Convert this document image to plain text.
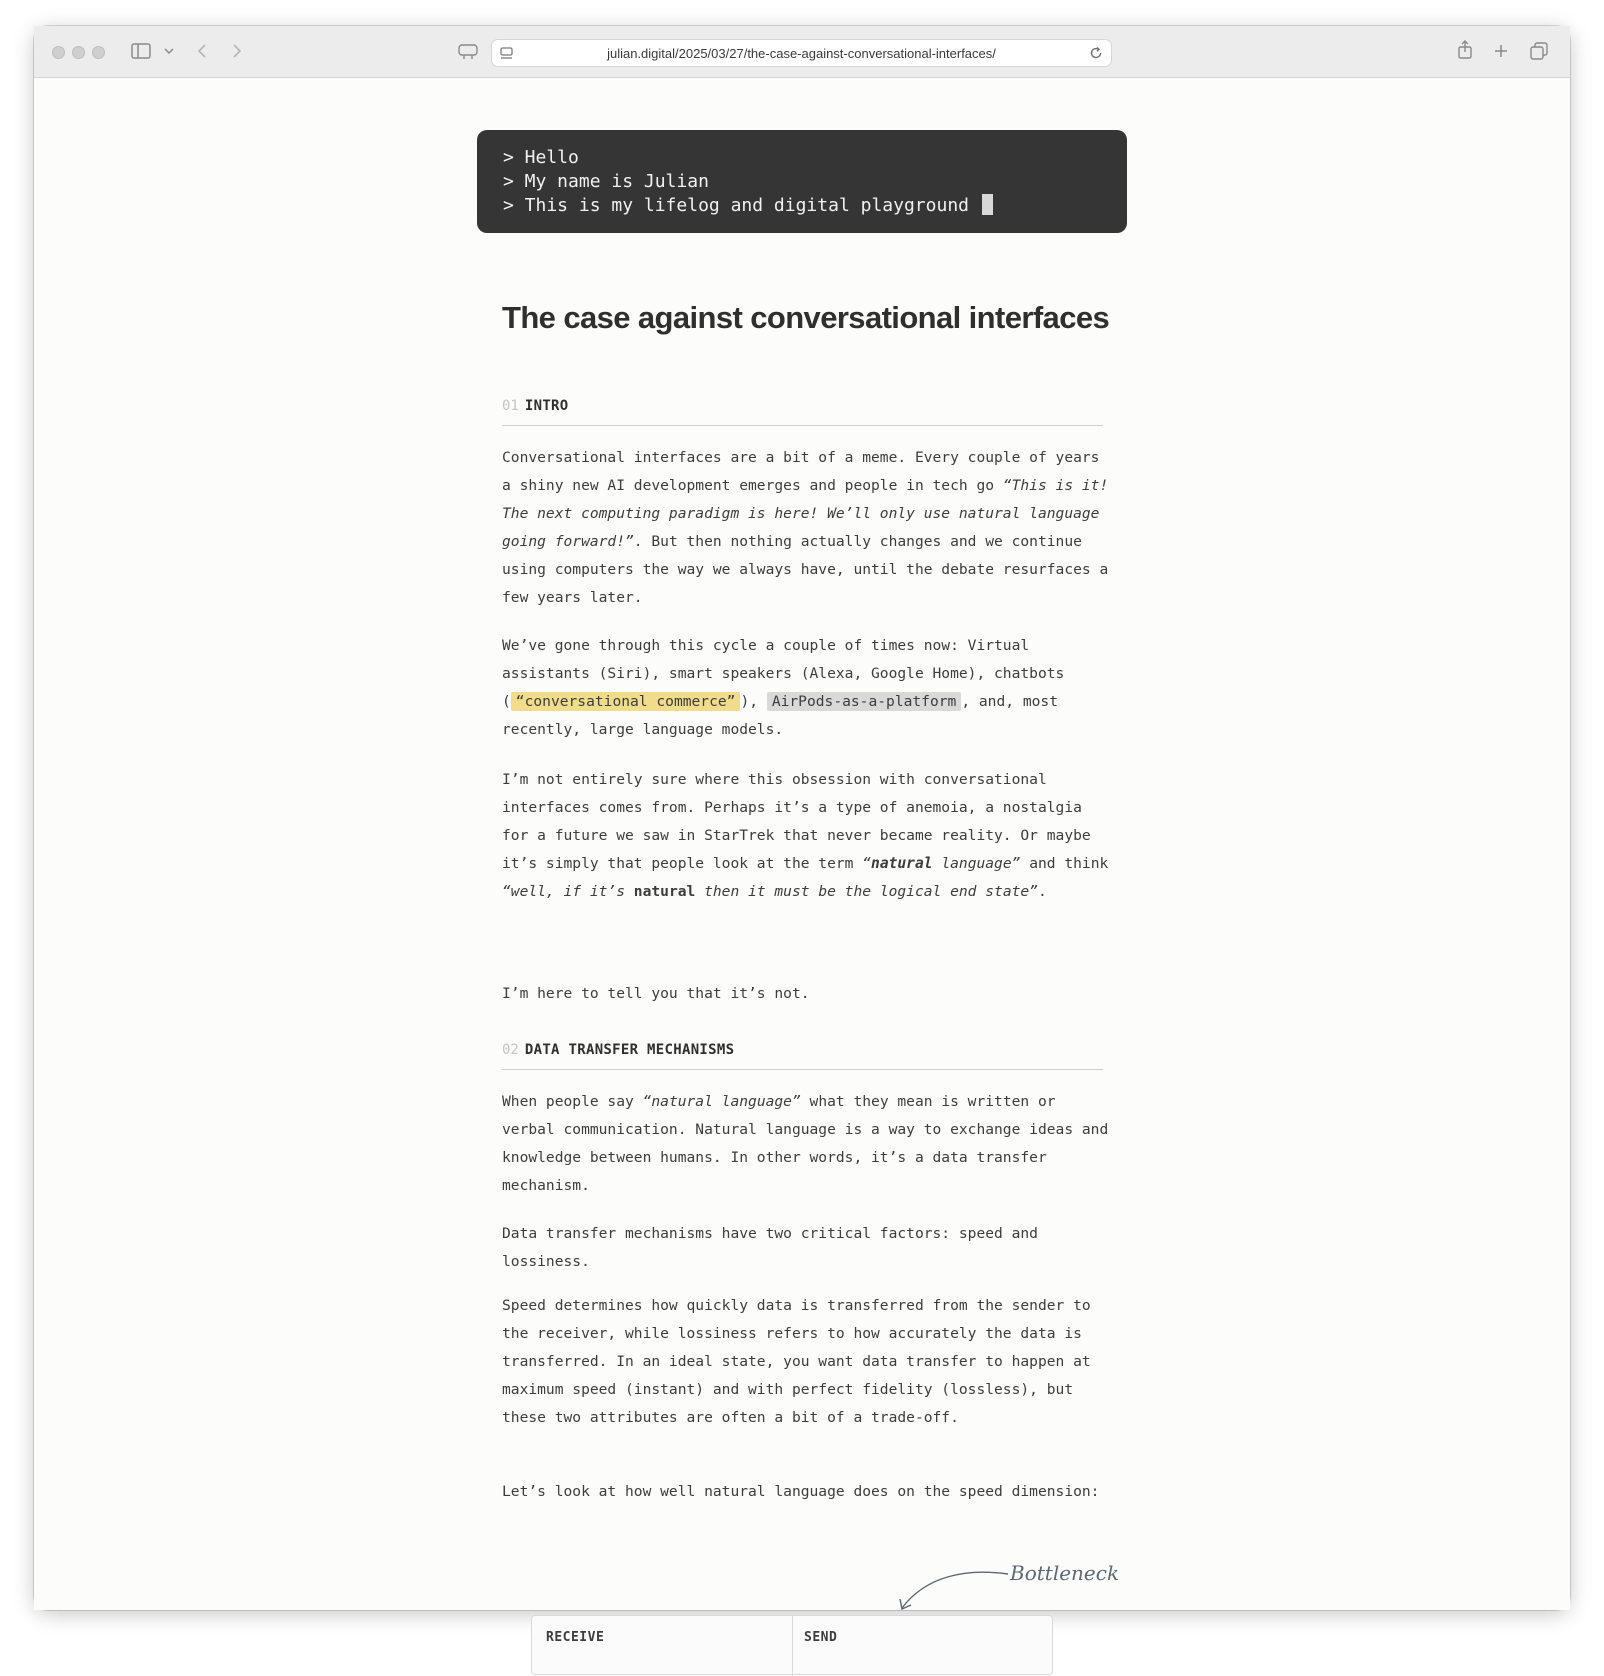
julian.digital/2025/03/27/the-case-against-conversational-interfaces/
> Hello
> My name is Julian
> This is my lifelog and digital playground
The case against conversational interfaces
01 INTRO

Conversational interfaces are a bit of a meme. Every couple of years a shiny new AI development emerges and people in tech go “This is it! The next computing paradigm is here! We’ll only use natural language going forward!”. But then nothing actually changes and we continue using computers the way we always have, until the debate resurfaces a few years later.

We’ve gone through this cycle a couple of times now: Virtual assistants (Siri), smart speakers (Alexa, Google Home), chatbots ( “conversational commerce” ), AirPods-as-a-platform , and, most recently, large language models.

I’m not entirely sure where this obsession with conversational interfaces comes from. Perhaps it’s a type of anemoia, a nostalgia for a future we saw in StarTrek that never became reality. Or maybe it’s simply that people look at the term “natural language” and think “well, if it’s natural then it must be the logical end state”.

I’m here to tell you that it’s not.

02 DATA TRANSFER MECHANISMS

When people say “natural language” what they mean is written or verbal communication. Natural language is a way to exchange ideas and knowledge between humans. In other words, it’s a data transfer mechanism.

Data transfer mechanisms have two critical factors: speed and lossiness.

Speed determines how quickly data is transferred from the sender to the receiver, while lossiness refers to how accurately the data is transferred. In an ideal state, you want data transfer to happen at maximum speed (instant) and with perfect fidelity (lossless), but these two attributes are often a bit of a trade-off.

Let’s look at how well natural language does on the speed dimension:

Bottleneck
RECEIVE	SEND
